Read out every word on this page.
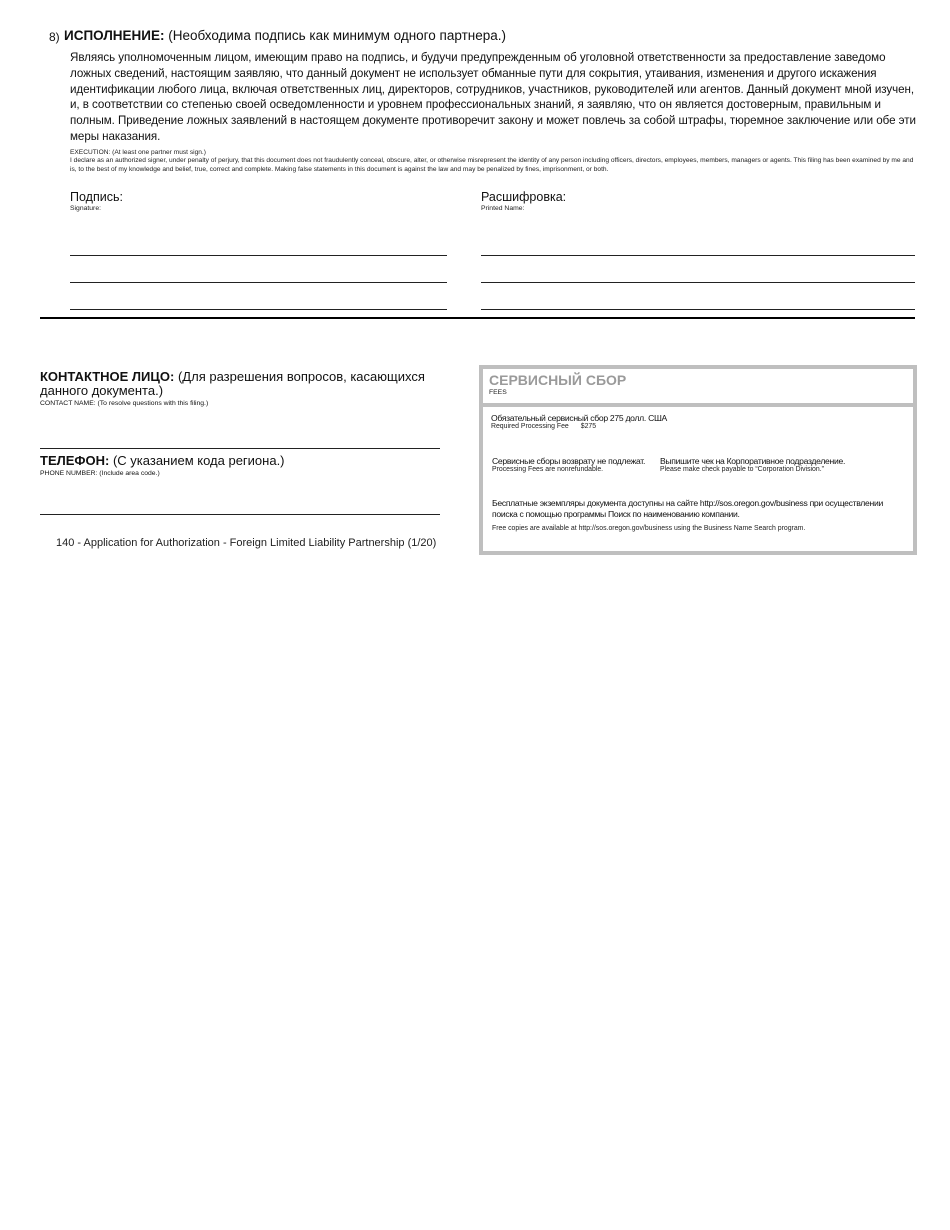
8) ИСПОЛНЕНИЕ: (Необходима подпись как минимум одного партнера.)
Являясь уполномоченным лицом, имеющим право на подпись, и будучи предупрежденным об уголовной ответственности за предоставление заведомо ложных сведений, настоящим заявляю, что данный документ не использует обманные пути для сокрытия, утаивания, изменения и другого искажения идентификации любого лица, включая ответственных лиц, директоров, сотрудников, участников, руководителей или агентов. Данный документ мной изучен, и, в соответствии со степенью своей осведомленности и уровнем профессиональных знаний, я заявляю, что он является достоверным, правильным и полным. Приведение ложных заявлений в настоящем документе противоречит закону и может повлечь за собой штрафы, тюремное заключение или обе эти меры наказания.
EXECUTION: (At least one partner must sign.)
I declare as an authorized signer, under penalty of perjury, that this document does not fraudulently conceal, obscure, alter, or otherwise misrepresent the identity of any person including officers, directors, employees, members, managers or agents. This filing has been examined by me and is, to the best of my knowledge and belief, true, correct and complete. Making false statements in this document is against the law and may be penalized by fines, imprisonment, or both.
Подпись:
Signature:
Расшифровка:
Printed Name:
КОНТАКТНОЕ ЛИЦО: (Для разрешения вопросов, касающихся данного документа.)
CONTACT NAME: (To resolve questions with this filing.)
ТЕЛЕФОН: (С указанием кода региона.)
PHONE NUMBER: (Include area code.)
140 - Application for Authorization - Foreign Limited Liability Partnership (1/20)
СЕРВИСНЫЙ СБОР
FEES
Обязательный сервисный сбор 275 долл. США
Required Processing Fee $275
Сервисные сборы возврату не подлежат.
Processing Fees are nonrefundable.
Выпишите чек на Корпоративное подразделение.
Please make check payable to “Corporation Division.”
Бесплатные экземпляры документа доступны на сайте http://sos.oregon.gov/business при осуществлении поиска с помощью программы Поиск по наименованию компании.
Free copies are available at http://sos.oregon.gov/business using the Business Name Search program.
